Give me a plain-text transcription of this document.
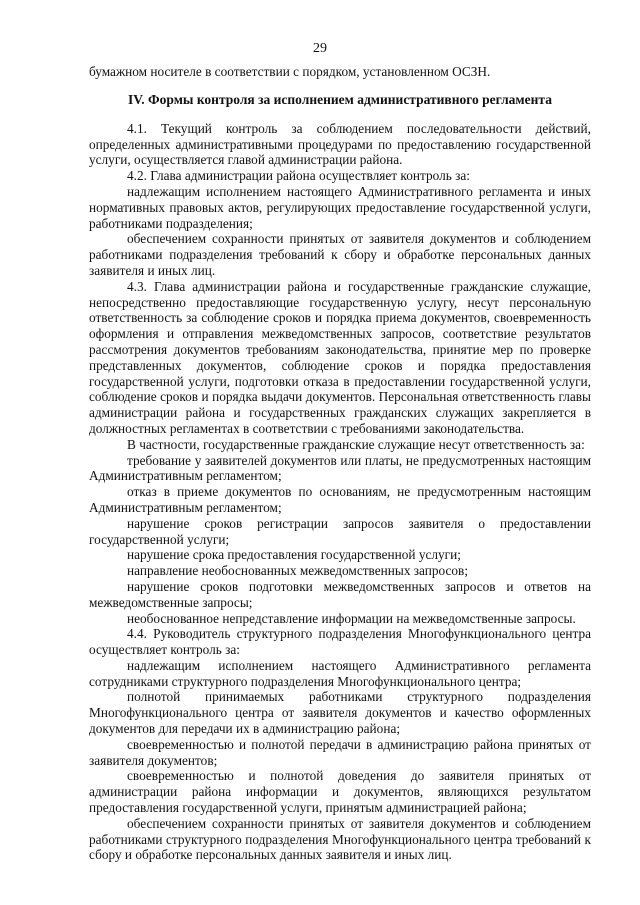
29

бумажном носителе в соответствии с порядком, установленном ОСЗН.

IV. Формы контроля за исполнением административного регламента

4.1. Текущий контроль за соблюдением последовательности действий, определенных административными процедурами по предоставлению государственной услуги, осуществляется главой администрации района.

4.2. Глава администрации района осуществляет контроль за:

надлежащим исполнением настоящего Административного регламента и иных нормативных правовых актов, регулирующих предоставление государственной услуги, работниками подразделения;

обеспечением сохранности принятых от заявителя документов и соблюдением работниками подразделения требований к сбору и обработке персональных данных заявителя и иных лиц.

4.3. Глава администрации района и государственные гражданские служащие, непосредственно предоставляющие государственную услугу, несут персональную ответственность за соблюдение сроков и порядка приема документов, своевременность оформления и отправления межведомственных запросов, соответствие результатов рассмотрения документов требованиям законодательства, принятие мер по проверке представленных документов, соблюдение сроков и порядка предоставления государственной услуги, подготовки отказа в предоставлении государственной услуги, соблюдение сроков и порядка выдачи документов. Персональная ответственность главы администрации района и государственных гражданских служащих закрепляется в должностных регламентах в соответствии с требованиями законодательства.

В частности, государственные гражданские служащие несут ответственность за:

требование у заявителей документов или платы, не предусмотренных настоящим Административным регламентом;

отказ в приеме документов по основаниям, не предусмотренным настоящим Административным регламентом;

нарушение сроков регистрации запросов заявителя о предоставлении государственной услуги;

нарушение срока предоставления государственной услуги;

направление необоснованных межведомственных запросов;

нарушение сроков подготовки межведомственных запросов и ответов на межведомственные запросы;

необоснованное непредставление информации на межведомственные запросы.

4.4. Руководитель структурного подразделения Многофункционального центра осуществляет контроль за:

надлежащим исполнением настоящего Административного регламента сотрудниками структурного подразделения Многофункционального центра;

полнотой принимаемых работниками структурного подразделения Многофункционального центра от заявителя документов и качество оформленных документов для передачи их в администрацию района;

своевременностью и полнотой передачи в администрацию района принятых от заявителя документов;

своевременностью и полнотой доведения до заявителя принятых от администрации района информации и документов, являющихся результатом предоставления государственной услуги, принятым администрацией района;

обеспечением сохранности принятых от заявителя документов и соблюдением работниками структурного подразделения Многофункционального центра требований к сбору и обработке персональных данных заявителя и иных лиц.
